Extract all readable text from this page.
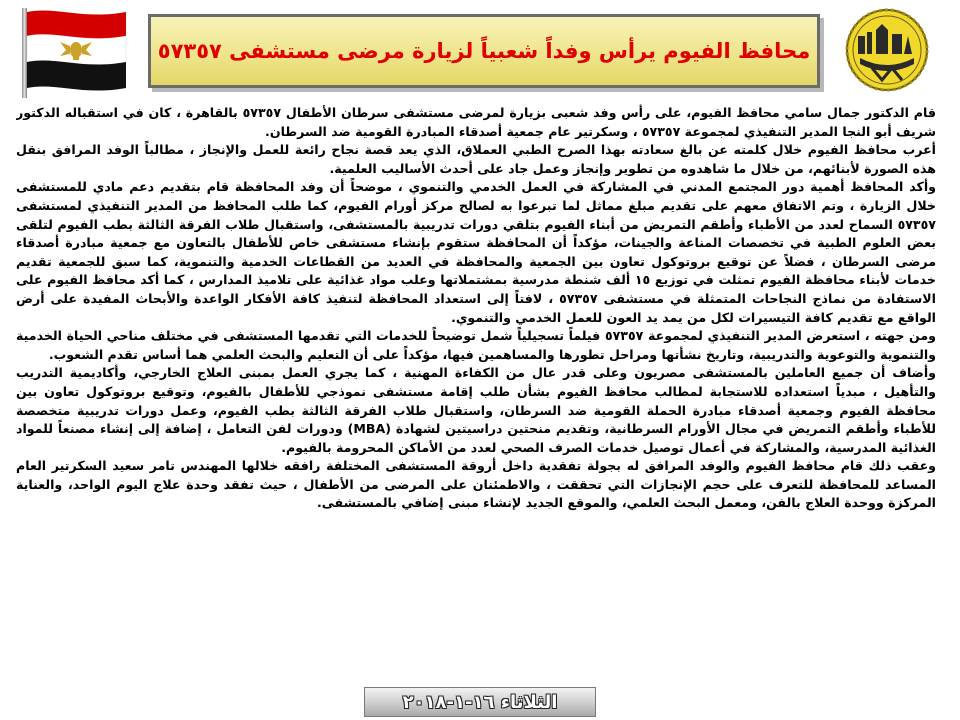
محافظ الفيوم يرأس وفداً شعبياً لزيارة مرضى مستشفى ٥٧٣٥٧

قام الدكتور جمال سامي محافظ الفيوم، على رأس وفد شعبى بزيارة لمرضى مستشفى سرطان الأطفال ٥٧٣٥٧ بالقاهرة ، كان في استقباله الدكتور شريف أبو النجا المدير التنفيذي لمجموعة ٥٧٣٥٧ ، وسكرتير عام جمعية أصدقاء المبادرة القومية ضد السرطان.

أعرب محافظ الفيوم خلال كلمته عن بالغ سعادته بهذا الصرح الطبي العملاق، الذي يعد قصة نجاح رائعة للعمل والإنجاز ، مطالباً الوفد المرافق بنقل هذه الصورة لأبنائهم، من خلال ما شاهدوه من تطوير وإنجاز وعمل جاد على أحدث الأساليب العلمية.

وأكد المحافظ أهمية دور المجتمع المدني في المشاركة في العمل الخدمي والتنموي ، موضحاً أن وفد المحافظة قام بتقديم دعم مادي للمستشفى خلال الزيارة ، وتم الاتفاق معهم على تقديم مبلغ مماثل لما تبرعوا به لصالح مركز أورام الفيوم، كما طلب المحافظ من المدير التنفيذي لمستشفى ٥٧٣٥٧ السماح لعدد من الأطباء وأطقم التمريض من أبناء الفيوم بتلقي دورات تدريبية بالمستشفى، واستقبال طلاب الفرقة الثالثة بطب الفيوم لتلقى بعض العلوم الطبية في تخصصات المناعة والجينات، مؤكداً أن المحافظة ستقوم بإنشاء مستشفى خاص للأطفال بالتعاون مع جمعية مبادرة أصدقاء مرضى السرطان ، فضلاً عن توقيع بروتوكول تعاون بين الجمعية والمحافظة في العديد من القطاعات الخدمية والتنموية، كما سبق للجمعية تقديم خدمات لأبناء محافظة الفيوم تمثلت في توزيع ١٥ ألف شنطة مدرسية بمشتملاتها وعلب مواد غذائية على تلاميذ المدارس ، كما أكد محافظ الفيوم على الاستفادة من نماذج النجاحات المتمثلة في مستشفى ٥٧٣٥٧ ، لافتاً إلى استعداد المحافظة لتنفيذ كافة الأفكار الواعدة والأبحاث المفيدة على أرض الواقع مع تقديم كافة التيسيرات لكل من يمد يد العون للعمل الخدمي والتنموي.

ومن جهته ، استعرض المدير التنفيذي لمجموعة ٥٧٣٥٧ فيلماً تسجيلياً شمل توضيحاً للخدمات التي تقدمها المستشفى في مختلف مناحي الحياة الخدمية والتنموية والتوعوية والتدريبية، وتاريخ نشأتها ومراحل تطورها والمساهمين فيها، مؤكداً على أن التعليم والبحث العلمي هما أساس تقدم الشعوب.

وأضاف أن جميع العاملين بالمستشفى مصريون وعلى قدر عال من الكفاءة المهنية ، كما يجري العمل بمبنى العلاج الخارجي، وأكاديمية التدريب والتأهيل ، مبدياً استعداده للاستجابة لمطالب محافظ الفيوم بشأن طلب إقامة مستشفى نموذجي للأطفال بالفيوم، وتوقيع بروتوكول تعاون بين محافظة الفيوم وجمعية أصدقاء مبادرة الحملة القومية ضد السرطان، واستقبال طلاب الفرقة الثالثة بطب الفيوم، وعمل دورات تدريبية متخصصة للأطباء وأطقم التمريض في مجال الأورام السرطانية، وتقديم منحتين دراسيتين لشهادة (MBA) ودورات لفن التعامل ، إضافة إلى إنشاء مصنعاً للمواد الغذائية المدرسية، والمشاركة في أعمال توصيل خدمات الصرف الصحي لعدد من الأماكن المحرومة بالفيوم.

وعقب ذلك قام محافظ الفيوم والوفد المرافق له بجولة تفقدية داخل أروقة المستشفى المختلفة رافقه خلالها المهندس تامر سعيد السكرتير العام المساعد للمحافظة للتعرف على حجم الإنجازات التي تحققت ، والاطمئنان على المرضى من الأطفال ، حيث تفقد وحدة علاج اليوم الواحد، والعناية المركزة ووحدة العلاج بالفن، ومعمل البحث العلمي، والموقع الجديد لإنشاء مبنى إضافي بالمستشفى.

الثلاثاء ١٦-١-٢٠١٨
